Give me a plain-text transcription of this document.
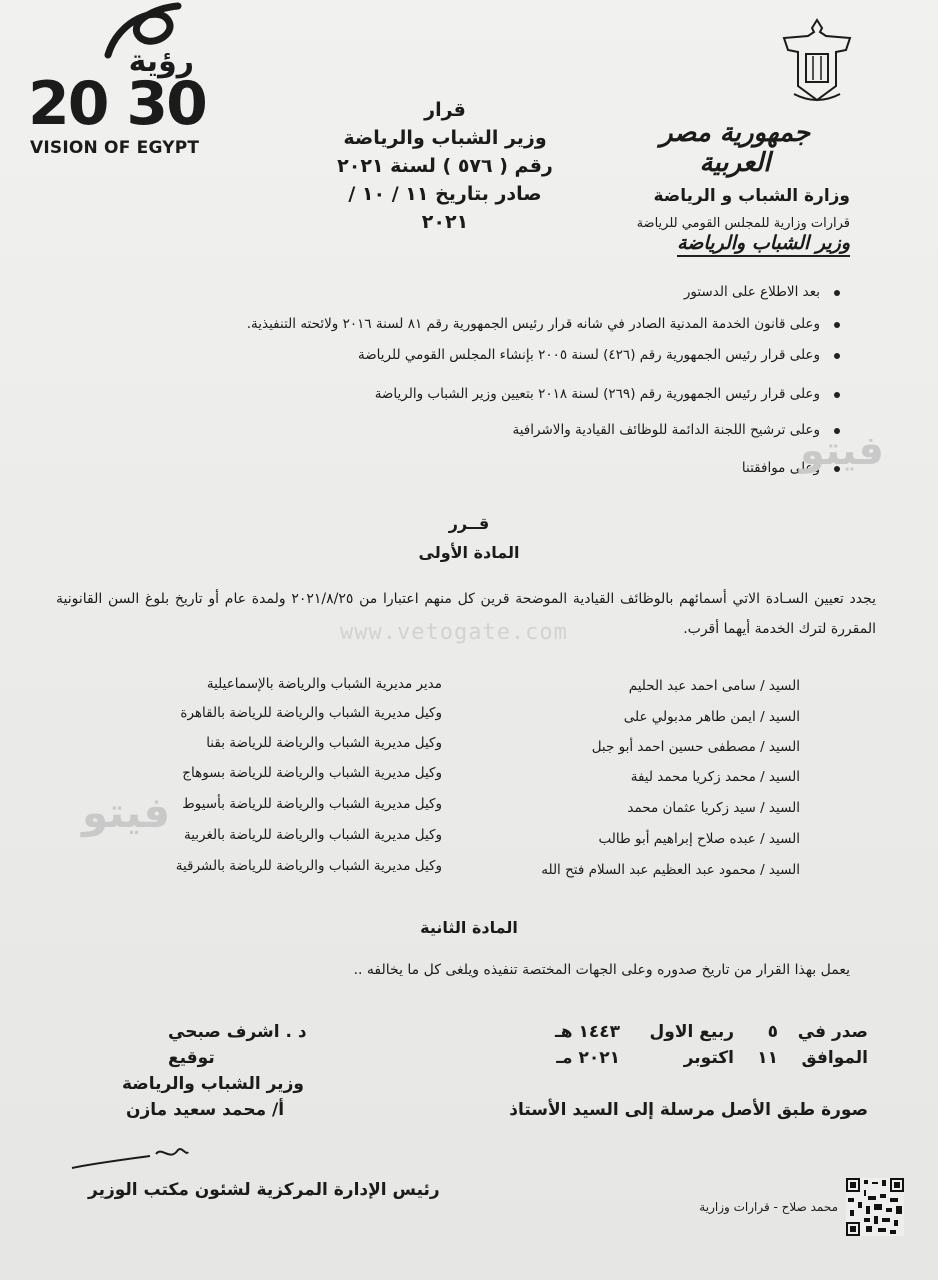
رؤية
20 30
VISION OF EGYPT	جمهورية مصر العربية
وزارة الشباب و الرياضة
قرارات وزارية للمجلس القومي للرياضة
وزير الشباب والرياضة
قرار
وزير الشباب والرياضة
رقم ( ٥٧٦ ) لسنة ٢٠٢١
صادر بتاريخ ١١ / ١٠ / ٢٠٢١
بعد الاطلاع على الدستور
وعلى قانون الخدمة المدنية الصادر في شانه قرار رئيس الجمهورية رقم ٨١ لسنة ٢٠١٦ ولائحته التنفيذية.
وعلى قرار رئيس الجمهورية رقم (٤٢٦) لسنة ٢٠٠٥ بإنشاء المجلس القومي للرياضة
وعلى قرار رئيس الجمهورية رقم (٢٦٩) لسنة ٢٠١٨ بتعيين وزير الشباب والرياضة
وعلى ترشيح اللجنة الدائمة للوظائف القيادية والاشرافية
وعلى موافقتنا
فيتو
www.vetogate.com
فيتو
قــرر
المادة الأولى
يجدد تعيين السـادة الاتي أسمائهم بالوظائف القيادية الموضحة قرين كل منهم اعتبارا من ٢٠٢١/٨/٢٥ ولمدة عام أو تاريخ بلوغ السن القانونية المقررة لترك الخدمة أيهما أقرب.
السيد / سامى احمد عبد الحليم
مدير مديرية الشباب والرياضة بالإسماعيلية
السيد / ايمن طاهر مدبولي على
وكيل مديرية الشباب والرياضة للرياضة بالقاهرة
السيد / مصطفى حسين احمد أبو جبل
وكيل مديرية الشباب والرياضة للرياضة بقنا
السيد / محمد زكريا محمد ليفة
وكيل مديرية الشباب والرياضة للرياضة بسوهاج
السيد / سيد زكريا عثمان محمد
وكيل مديرية الشباب والرياضة للرياضة بأسيوط
السيد / عبده صلاح إبراهيم أبو طالب
وكيل مديرية الشباب والرياضة للرياضة بالغربية
السيد / محمود عبد العظيم عبد السلام فتح الله
وكيل مديرية الشباب والرياضة للرياضة بالشرقية
المادة الثانية
يعمل بهذا القرار من تاريخ صدوره وعلى الجهات المختصة تنفيذه ويلغى كل ما يخالفه ..
صدر في
٥
ربيع الاول
١٤٤٣ هـ
الموافق
١١
اكتوبر
٢٠٢١ مـ
د . اشرف صبحي
توقيع
وزير الشباب والرياضة
صورة طبق الأصل مرسلة إلى السيد الأستاذ
أ/ محمد سعيد مازن
رئيس الإدارة المركزية لشئون مكتب الوزير
محمد صلاح - قرارات وزارية
